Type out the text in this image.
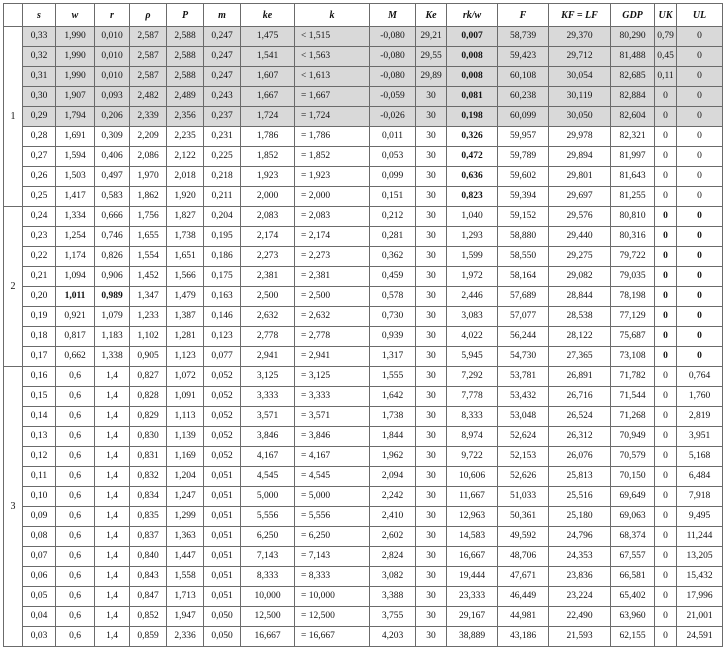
	s	w	r	ρ	P	m	ke	k	M	Ke	rk/w	F	KF = LF	GDP	UK	UL
1	0,33	1,990	0,010	2,587	2,588	0,247	1,475	< 1,515	-0,080	29,21	0,007	58,739	29,370	80,290	0,79	0
	0,32	1,990	0,010	2,587	2,588	0,247	1,541	< 1,563	-0,080	29,55	0,008	59,423	29,712	81,488	0,45	0
	0,31	1,990	0,010	2,587	2,588	0,247	1,607	< 1,613	-0,080	29,89	0,008	60,108	30,054	82,685	0,11	0
	0,30	1,907	0,093	2,482	2,489	0,243	1,667	= 1,667	-0,059	30	0,081	60,238	30,119	82,884	0	0
	0,29	1,794	0,206	2,339	2,356	0,237	1,724	= 1,724	-0,026	30	0,198	60,099	30,050	82,604	0	0
	0,28	1,691	0,309	2,209	2,235	0,231	1,786	= 1,786	0,011	30	0,326	59,957	29,978	82,321	0	0
	0,27	1,594	0,406	2,086	2,122	0,225	1,852	= 1,852	0,053	30	0,472	59,789	29,894	81,997	0	0
	0,26	1,503	0,497	1,970	2,018	0,218	1,923	= 1,923	0,099	30	0,636	59,602	29,801	81,643	0	0
	0,25	1,417	0,583	1,862	1,920	0,211	2,000	= 2,000	0,151	30	0,823	59,394	29,697	81,255	0	0
2	0,24	1,334	0,666	1,756	1,827	0,204	2,083	= 2,083	0,212	30	1,040	59,152	29,576	80,810	0	0
	0,23	1,254	0,746	1,655	1,738	0,195	2,174	= 2,174	0,281	30	1,293	58,880	29,440	80,316	0	0
	0,22	1,174	0,826	1,554	1,651	0,186	2,273	= 2,273	0,362	30	1,599	58,550	29,275	79,722	0	0
	0,21	1,094	0,906	1,452	1,566	0,175	2,381	= 2,381	0,459	30	1,972	58,164	29,082	79,035	0	0
	0,20	1,011	0,989	1,347	1,479	0,163	2,500	= 2,500	0,578	30	2,446	57,689	28,844	78,198	0	0
	0,19	0,921	1,079	1,233	1,387	0,146	2,632	= 2,632	0,730	30	3,083	57,077	28,538	77,129	0	0
	0,18	0,817	1,183	1,102	1,281	0,123	2,778	= 2,778	0,939	30	4,022	56,244	28,122	75,687	0	0
	0,17	0,662	1,338	0,905	1,123	0,077	2,941	= 2,941	1,317	30	5,945	54,730	27,365	73,108	0	0
3	0,16	0,6	1,4	0,827	1,072	0,052	3,125	= 3,125	1,555	30	7,292	53,781	26,891	71,782	0	0,764
	0,15	0,6	1,4	0,828	1,091	0,052	3,333	= 3,333	1,642	30	7,778	53,432	26,716	71,544	0	1,760
	0,14	0,6	1,4	0,829	1,113	0,052	3,571	= 3,571	1,738	30	8,333	53,048	26,524	71,268	0	2,819
	0,13	0,6	1,4	0,830	1,139	0,052	3,846	= 3,846	1,844	30	8,974	52,624	26,312	70,949	0	3,951
	0,12	0,6	1,4	0,831	1,169	0,052	4,167	= 4,167	1,962	30	9,722	52,153	26,076	70,579	0	5,168
	0,11	0,6	1,4	0,832	1,204	0,051	4,545	= 4,545	2,094	30	10,606	52,626	25,813	70,150	0	6,484
	0,10	0,6	1,4	0,834	1,247	0,051	5,000	= 5,000	2,242	30	11,667	51,033	25,516	69,649	0	7,918
	0,09	0,6	1,4	0,835	1,299	0,051	5,556	= 5,556	2,410	30	12,963	50,361	25,180	69,063	0	9,495
	0,08	0,6	1,4	0,837	1,363	0,051	6,250	= 6,250	2,602	30	14,583	49,592	24,796	68,374	0	11,244
	0,07	0,6	1,4	0,840	1,447	0,051	7,143	= 7,143	2,824	30	16,667	48,706	24,353	67,557	0	13,205
	0,06	0,6	1,4	0,843	1,558	0,051	8,333	= 8,333	3,082	30	19,444	47,671	23,836	66,581	0	15,432
	0,05	0,6	1,4	0,847	1,713	0,051	10,000	= 10,000	3,388	30	23,333	46,449	23,224	65,402	0	17,996
	0,04	0,6	1,4	0,852	1,947	0,050	12,500	= 12,500	3,755	30	29,167	44,981	22,490	63,960	0	21,001
	0,03	0,6	1,4	0,859	2,336	0,050	16,667	= 16,667	4,203	30	38,889	43,186	21,593	62,155	0	24,591
